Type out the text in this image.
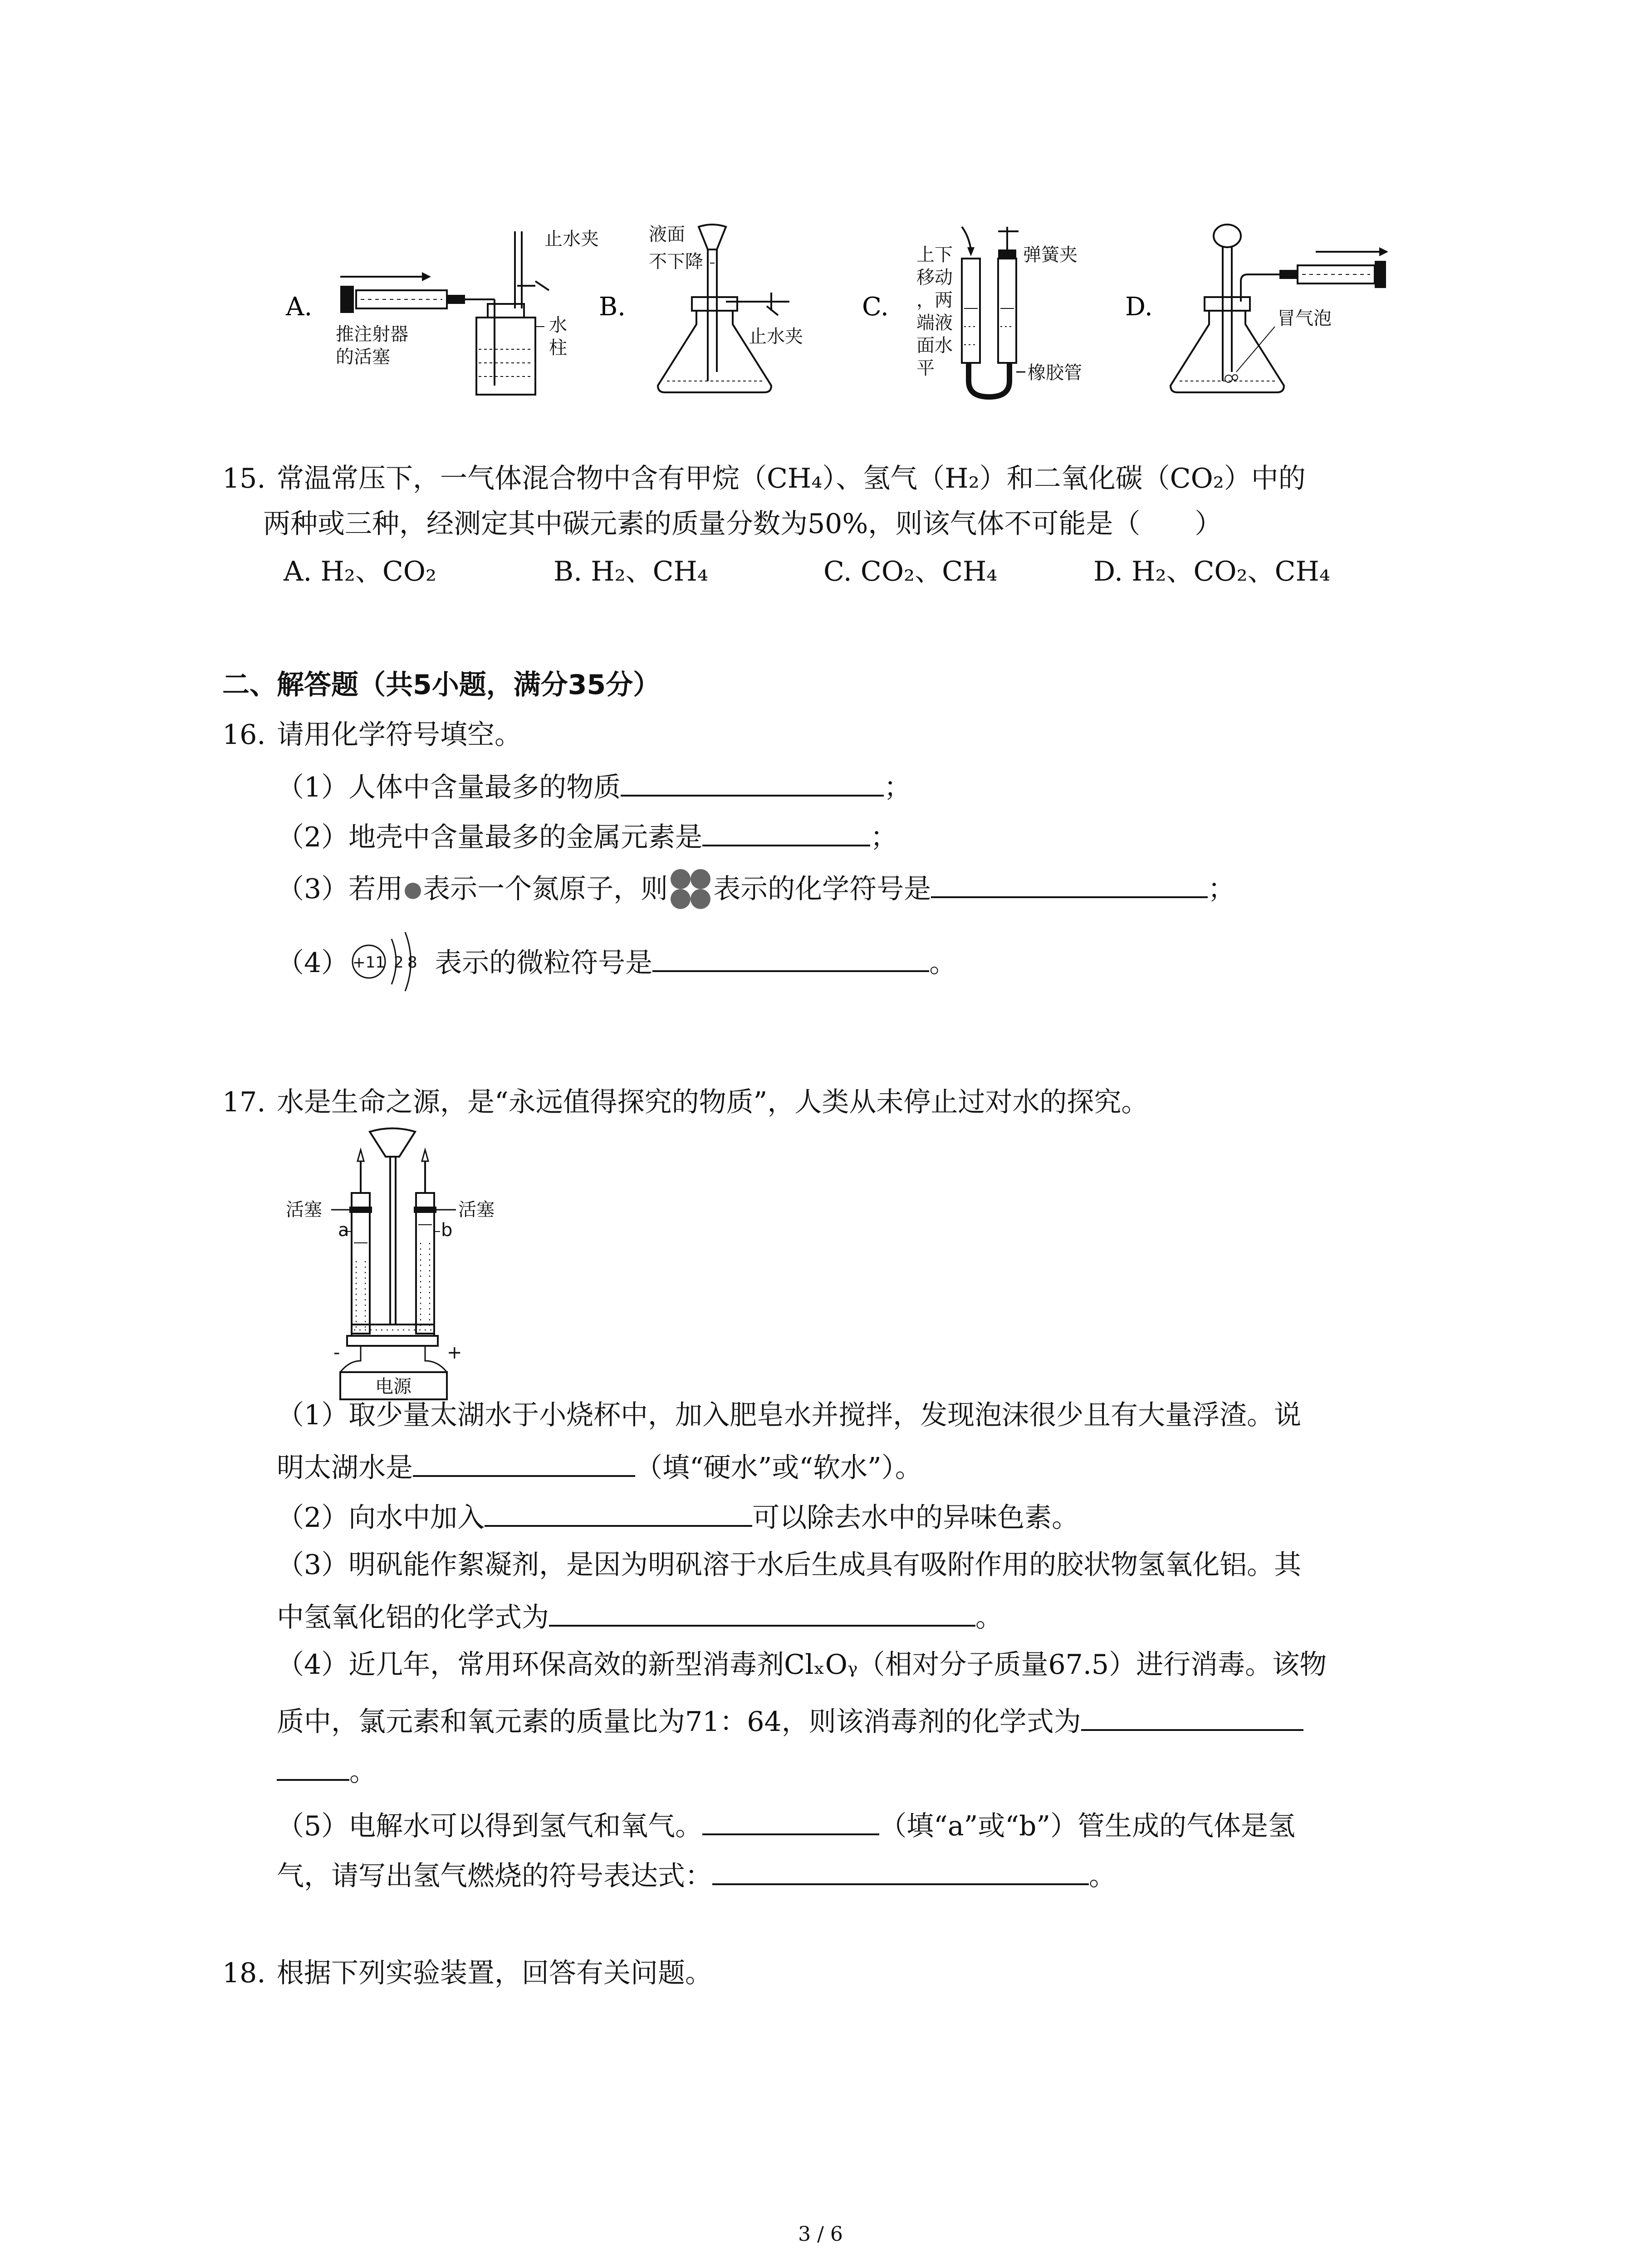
A.
推注射器
的活塞
止水夹
水
柱
B.
液面
不下降
止水夹
C.
上下
移动
，两
端液
面水
平
弹簧夹
橡胶管
D.	冒气泡
15. 常温常压下，一气体混合物中含有甲烷（CH₄）、氢气（H₂）和二氧化碳（CO₂）中的
两种或三种，经测定其中碳元素的质量分数为50%，则该气体不可能是（　　）
A. H₂、CO₂	B. H₂、CH₄	C. CO₂、CH₄	D. H₂、CO₂、CH₄
二、解答题（共5小题，满分35分）
16. 请用化学符号填空。
（1）人体中含量最多的物质	；
（2）地壳中含量最多的金属元素是	；
（3）若用 表示一个氮原子，则 表示的化学符号是	；
（4） +11 2 8 表示的微粒符号是	。
17. 水是生命之源，是“永远值得探究的物质”，人类从未停止过对水的探究。
活塞
a
活塞
b
-	+
电源
（1）取少量太湖水于小烧杯中，加入肥皂水并搅拌，发现泡沫很少且有大量浮渣。说
明太湖水是	（填“硬水”或“软水”）。
（2）向水中加入	可以除去水中的异味色素。
（3）明矾能作絮凝剂，是因为明矾溶于水后生成具有吸附作用的胶状物氢氧化铝。其
中氢氧化铝的化学式为	。
（4）近几年，常用环保高效的新型消毒剂ClₓOᵧ（相对分子质量67.5）进行消毒。该物
质中，氯元素和氧元素的质量比为71：64，则该消毒剂的化学式为
。
（5）电解水可以得到氢气和氧气。	（填“a”或“b”）管生成的气体是氢
气，请写出氢气燃烧的符号表达式：	。
18. 根据下列实验装置，回答有关问题。
3 / 6
